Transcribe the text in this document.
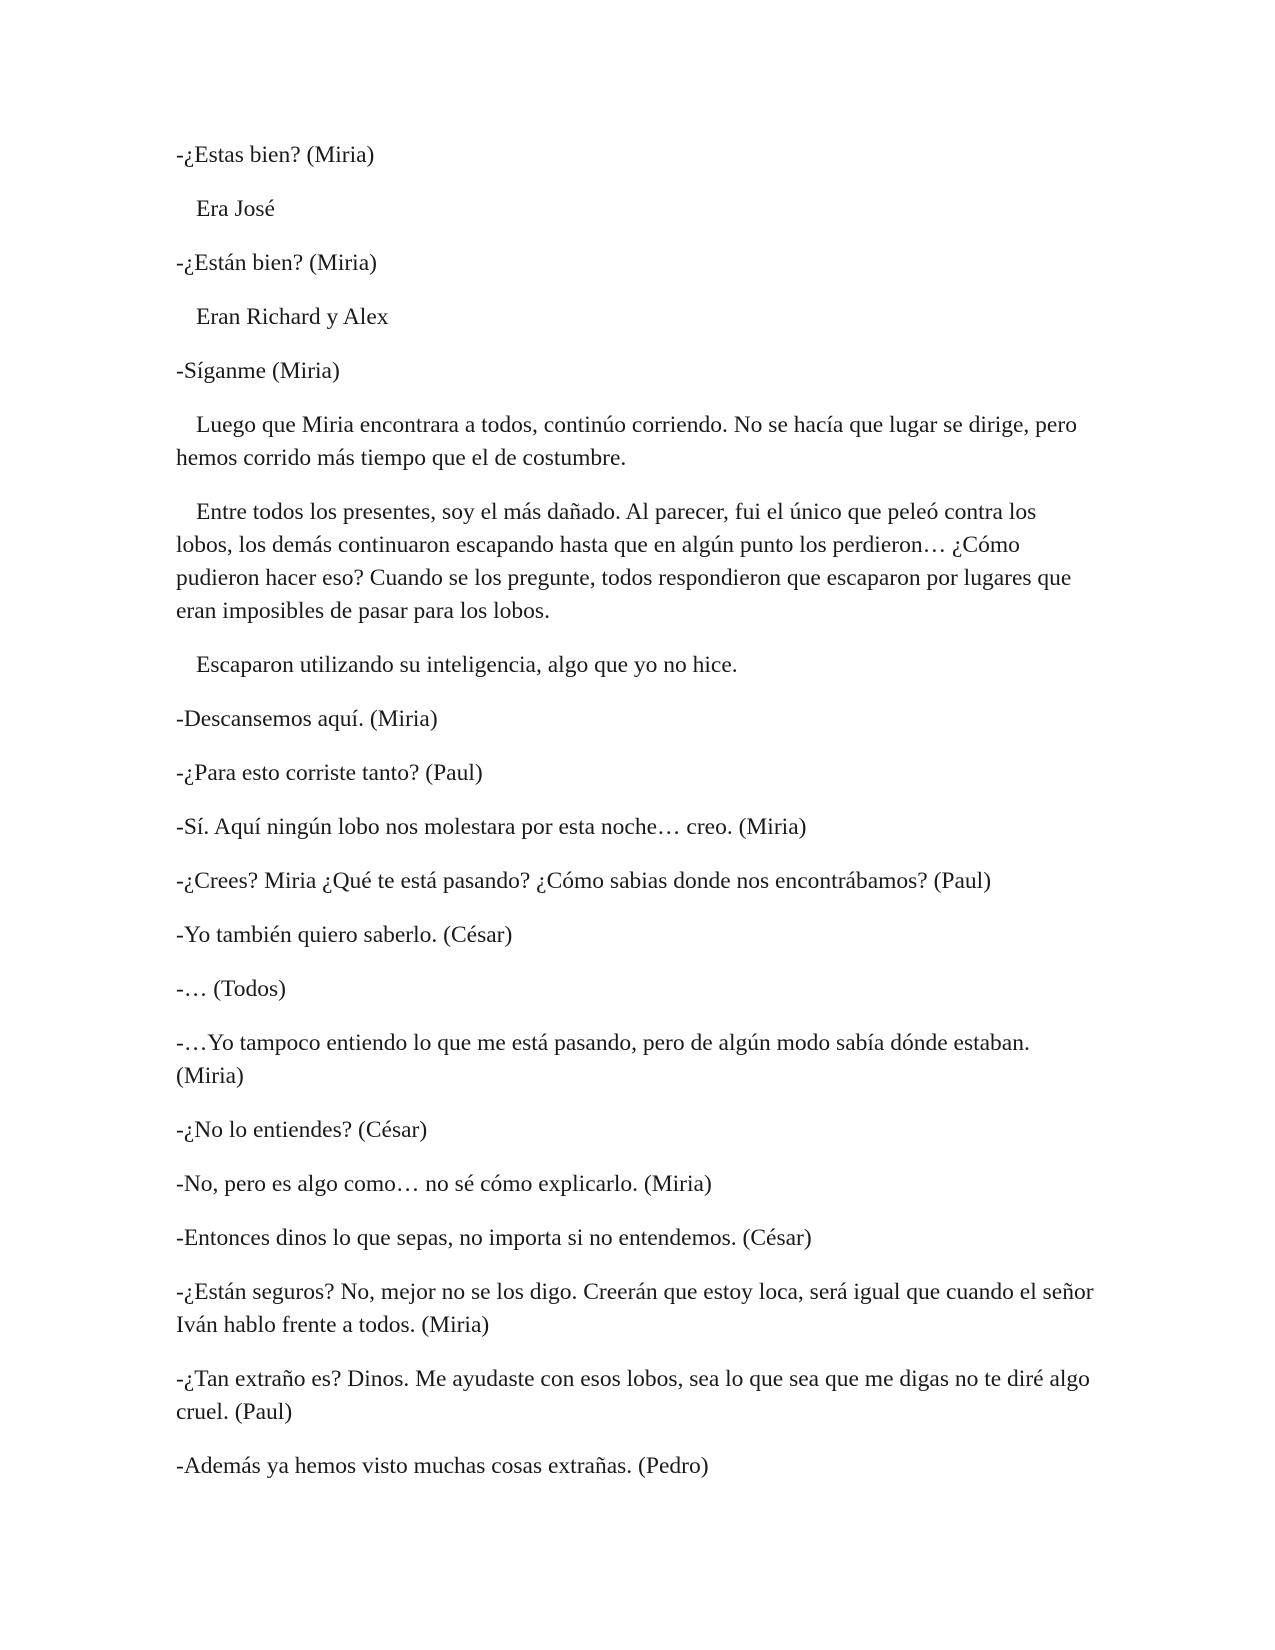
-¿Estas bien? (Miria)

Era José

-¿Están bien? (Miria)

Eran Richard y Alex

-Síganme (Miria)

Luego que Miria encontrara a todos, continúo corriendo. No se hacía que lugar se dirige, pero hemos corrido más tiempo que el de costumbre.

Entre todos los presentes, soy el más dañado. Al parecer, fui el único que peleó contra los lobos, los demás continuaron escapando hasta que en algún punto los perdieron… ¿Cómo pudieron hacer eso? Cuando se los pregunte, todos respondieron que escaparon por lugares que eran imposibles de pasar para los lobos.

Escaparon utilizando su inteligencia, algo que yo no hice.

-Descansemos aquí. (Miria)

-¿Para esto corriste tanto? (Paul)

-Sí. Aquí ningún lobo nos molestara por esta noche… creo. (Miria)

-¿Crees? Miria ¿Qué te está pasando? ¿Cómo sabias donde nos encontrábamos? (Paul)

-Yo también quiero saberlo. (César)

-… (Todos)

-…Yo tampoco entiendo lo que me está pasando, pero de algún modo sabía dónde estaban. (Miria)

-¿No lo entiendes? (César)

-No, pero es algo como… no sé cómo explicarlo. (Miria)

-Entonces dinos lo que sepas, no importa si no entendemos. (César)

-¿Están seguros? No, mejor no se los digo. Creerán que estoy loca, será igual que cuando el señor Iván hablo frente a todos. (Miria)

-¿Tan extraño es? Dinos. Me ayudaste con esos lobos, sea lo que sea que me digas no te diré algo cruel. (Paul)

-Además ya hemos visto muchas cosas extrañas. (Pedro)
